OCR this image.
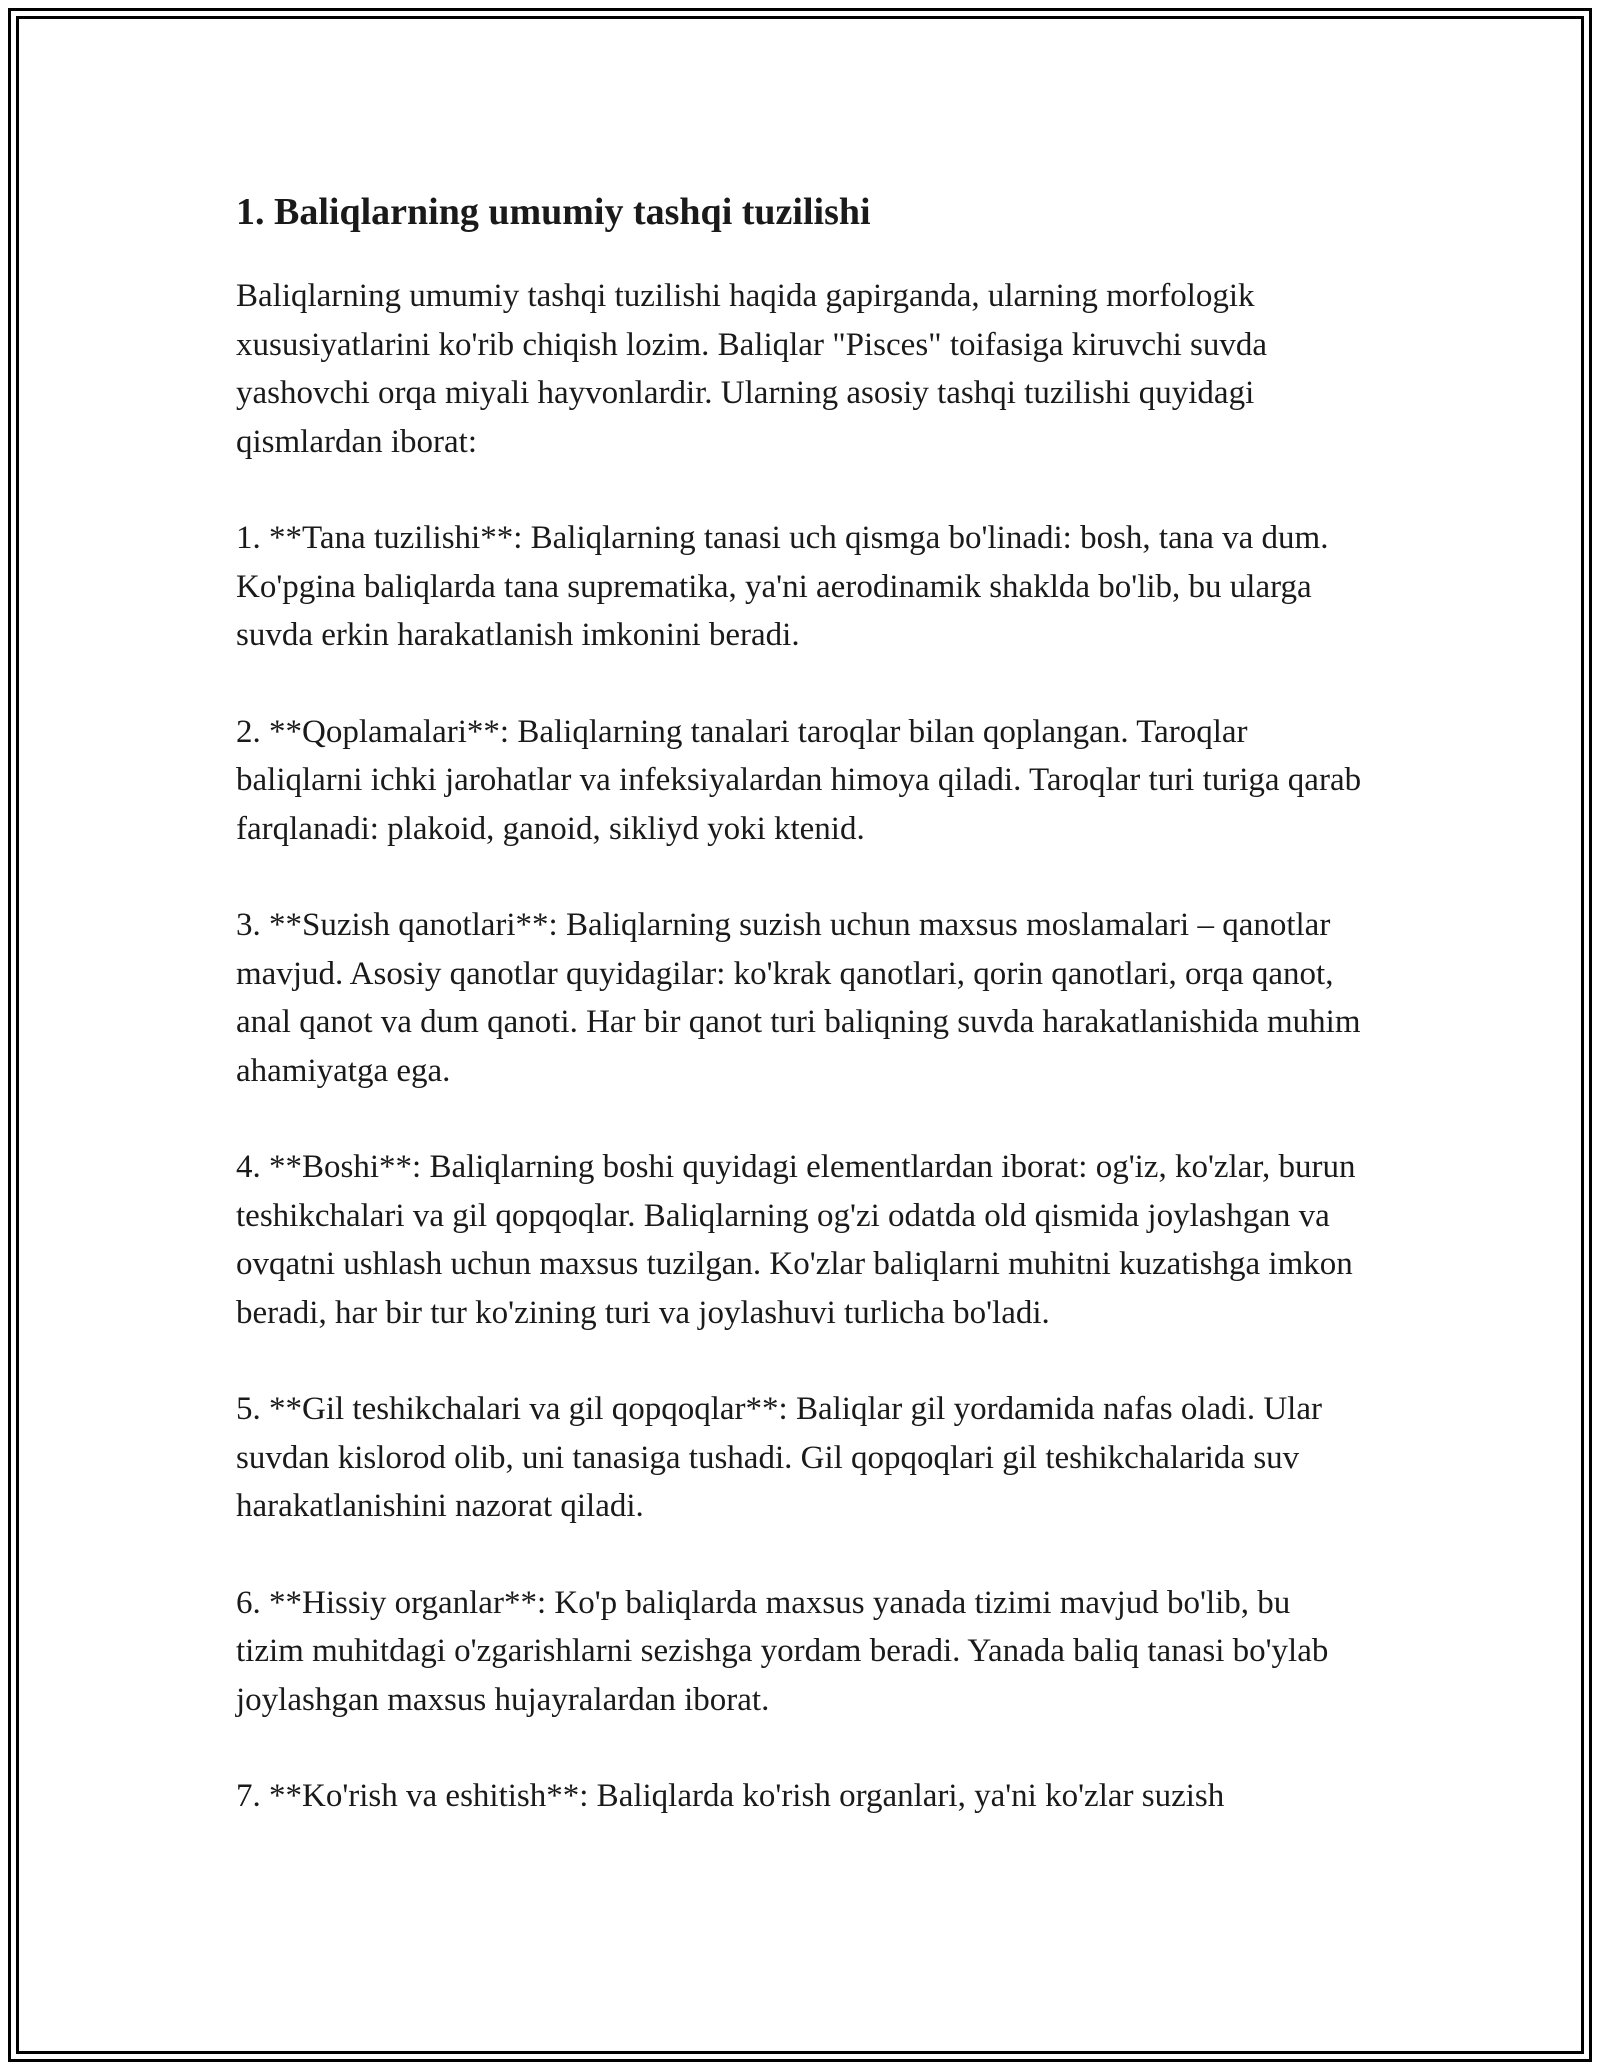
1. Baliqlarning umumiy tashqi tuzilishi

Baliqlarning umumiy tashqi tuzilishi haqida gapirganda, ularning morfologik xususiyatlarini ko'rib chiqish lozim. Baliqlar "Pisces" toifasiga kiruvchi suvda yashovchi orqa miyali hayvonlardir. Ularning asosiy tashqi tuzilishi quyidagi qismlardan iborat:

1. **Tana tuzilishi**: Baliqlarning tanasi uch qismga bo'linadi: bosh, tana va dum. Ko'pgina baliqlarda tana suprematika, ya'ni aerodinamik shaklda bo'lib, bu ularga suvda erkin harakatlanish imkonini beradi.

2. **Qoplamalari**: Baliqlarning tanalari taroqlar bilan qoplangan. Taroqlar baliqlarni ichki jarohatlar va infeksiyalardan himoya qiladi. Taroqlar turi turiga qarab farqlanadi: plakoid, ganoid, sikliyd yoki ktenid.

3. **Suzish qanotlari**: Baliqlarning suzish uchun maxsus moslamalari – qanotlar mavjud. Asosiy qanotlar quyidagilar: ko'krak qanotlari, qorin qanotlari, orqa qanot, anal qanot va dum qanoti. Har bir qanot turi baliqning suvda harakatlanishida muhim ahamiyatga ega.

4. **Boshi**: Baliqlarning boshi quyidagi elementlardan iborat: og'iz, ko'zlar, burun teshikchalari va gil qopqoqlar. Baliqlarning og'zi odatda old qismida joylashgan va ovqatni ushlash uchun maxsus tuzilgan. Ko'zlar baliqlarni muhitni kuzatishga imkon beradi, har bir tur ko'zining turi va joylashuvi turlicha bo'ladi.

5. **Gil teshikchalari va gil qopqoqlar**: Baliqlar gil yordamida nafas oladi. Ular suvdan kislorod olib, uni tanasiga tushadi. Gil qopqoqlari gil teshikchalarida suv harakatlanishini nazorat qiladi.

6. **Hissiy organlar**: Ko'p baliqlarda maxsus yanada tizimi mavjud bo'lib, bu tizim muhitdagi o'zgarishlarni sezishga yordam beradi. Yanada baliq tanasi bo'ylab joylashgan maxsus hujayralardan iborat.

7. **Ko'rish va eshitish**: Baliqlarda ko'rish organlari, ya'ni ko'zlar suzish
